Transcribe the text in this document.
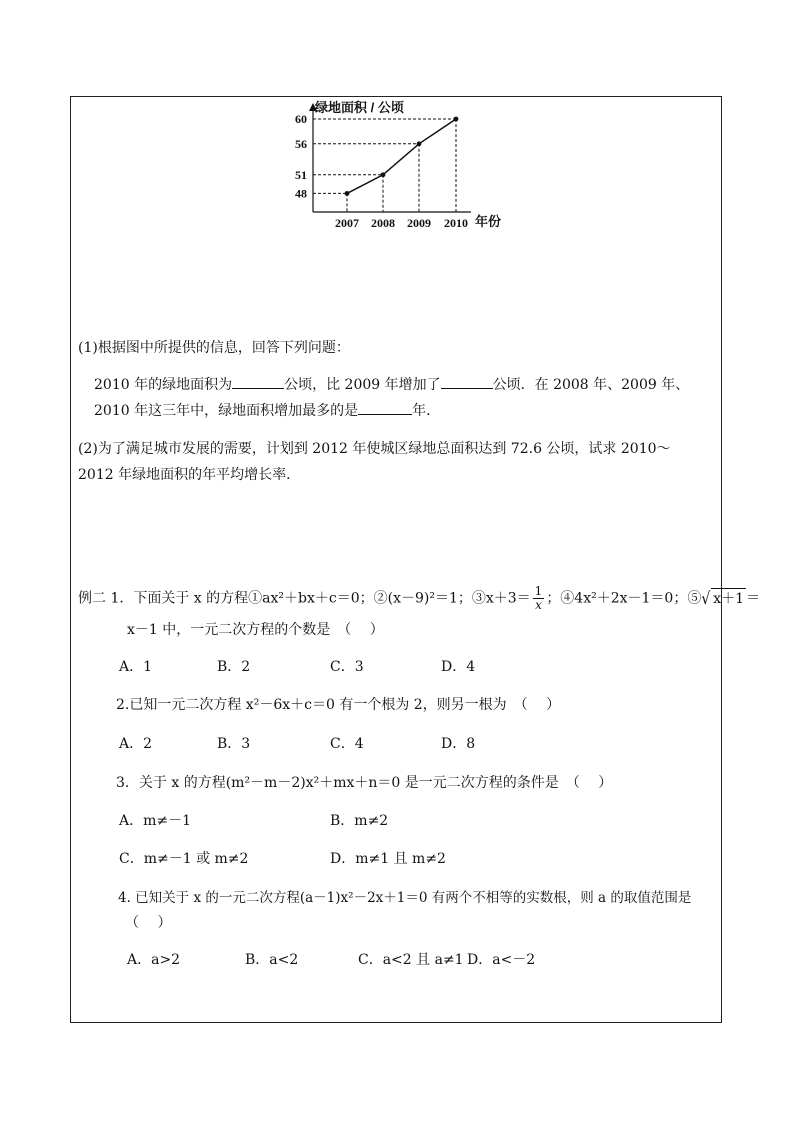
48
51
56
60
2007 2008 2009 2010
绿地面积 / 公顷
年份
(1)根据图中所提供的信息，回答下列问题：
2010 年的绿地面积为	公顷，比 2009 年增加了	公顷．在 2008 年、2009 年、
2010 年这三年中，绿地面积增加最多的是	年．
(2)为了满足城市发展的需要，计划到 2012 年使城区绿地总面积达到 72.6 公顷，试求 2010～
2012 年绿地面积的年平均增长率．
例二 1．下面关于 x 的方程①ax²＋bx＋c＝0；②(x－9)²＝1；③x＋3＝ $\frac{1}{x}$ ；④4x²＋2x－1＝0；⑤√ x＋1 ＝
x－1 中，一元二次方程的个数是　（　 ）
A．1	B．2	C．3	D．4
2.已知一元二次方程 x²－6x＋c＝0 有一个根为 2，则另一根为　（　 ）
A．2	B．3	C．4	D．8
3．关于 x 的方程(m²－m－2)x²＋mx＋n＝0 是一元二次方程的条件是　（　 ）
A．m≠－1	B．m≠2
C．m≠－1 或 m≠2	D．m≠1 且 m≠2
4. 已知关于 x 的一元二次方程(a－1)x²－2x＋1＝0 有两个不相等的实数根，则 a 的取值范围是
（　 ）
A．a>2	B．a<2	C．a<2 且 a≠1 D．a<－2
